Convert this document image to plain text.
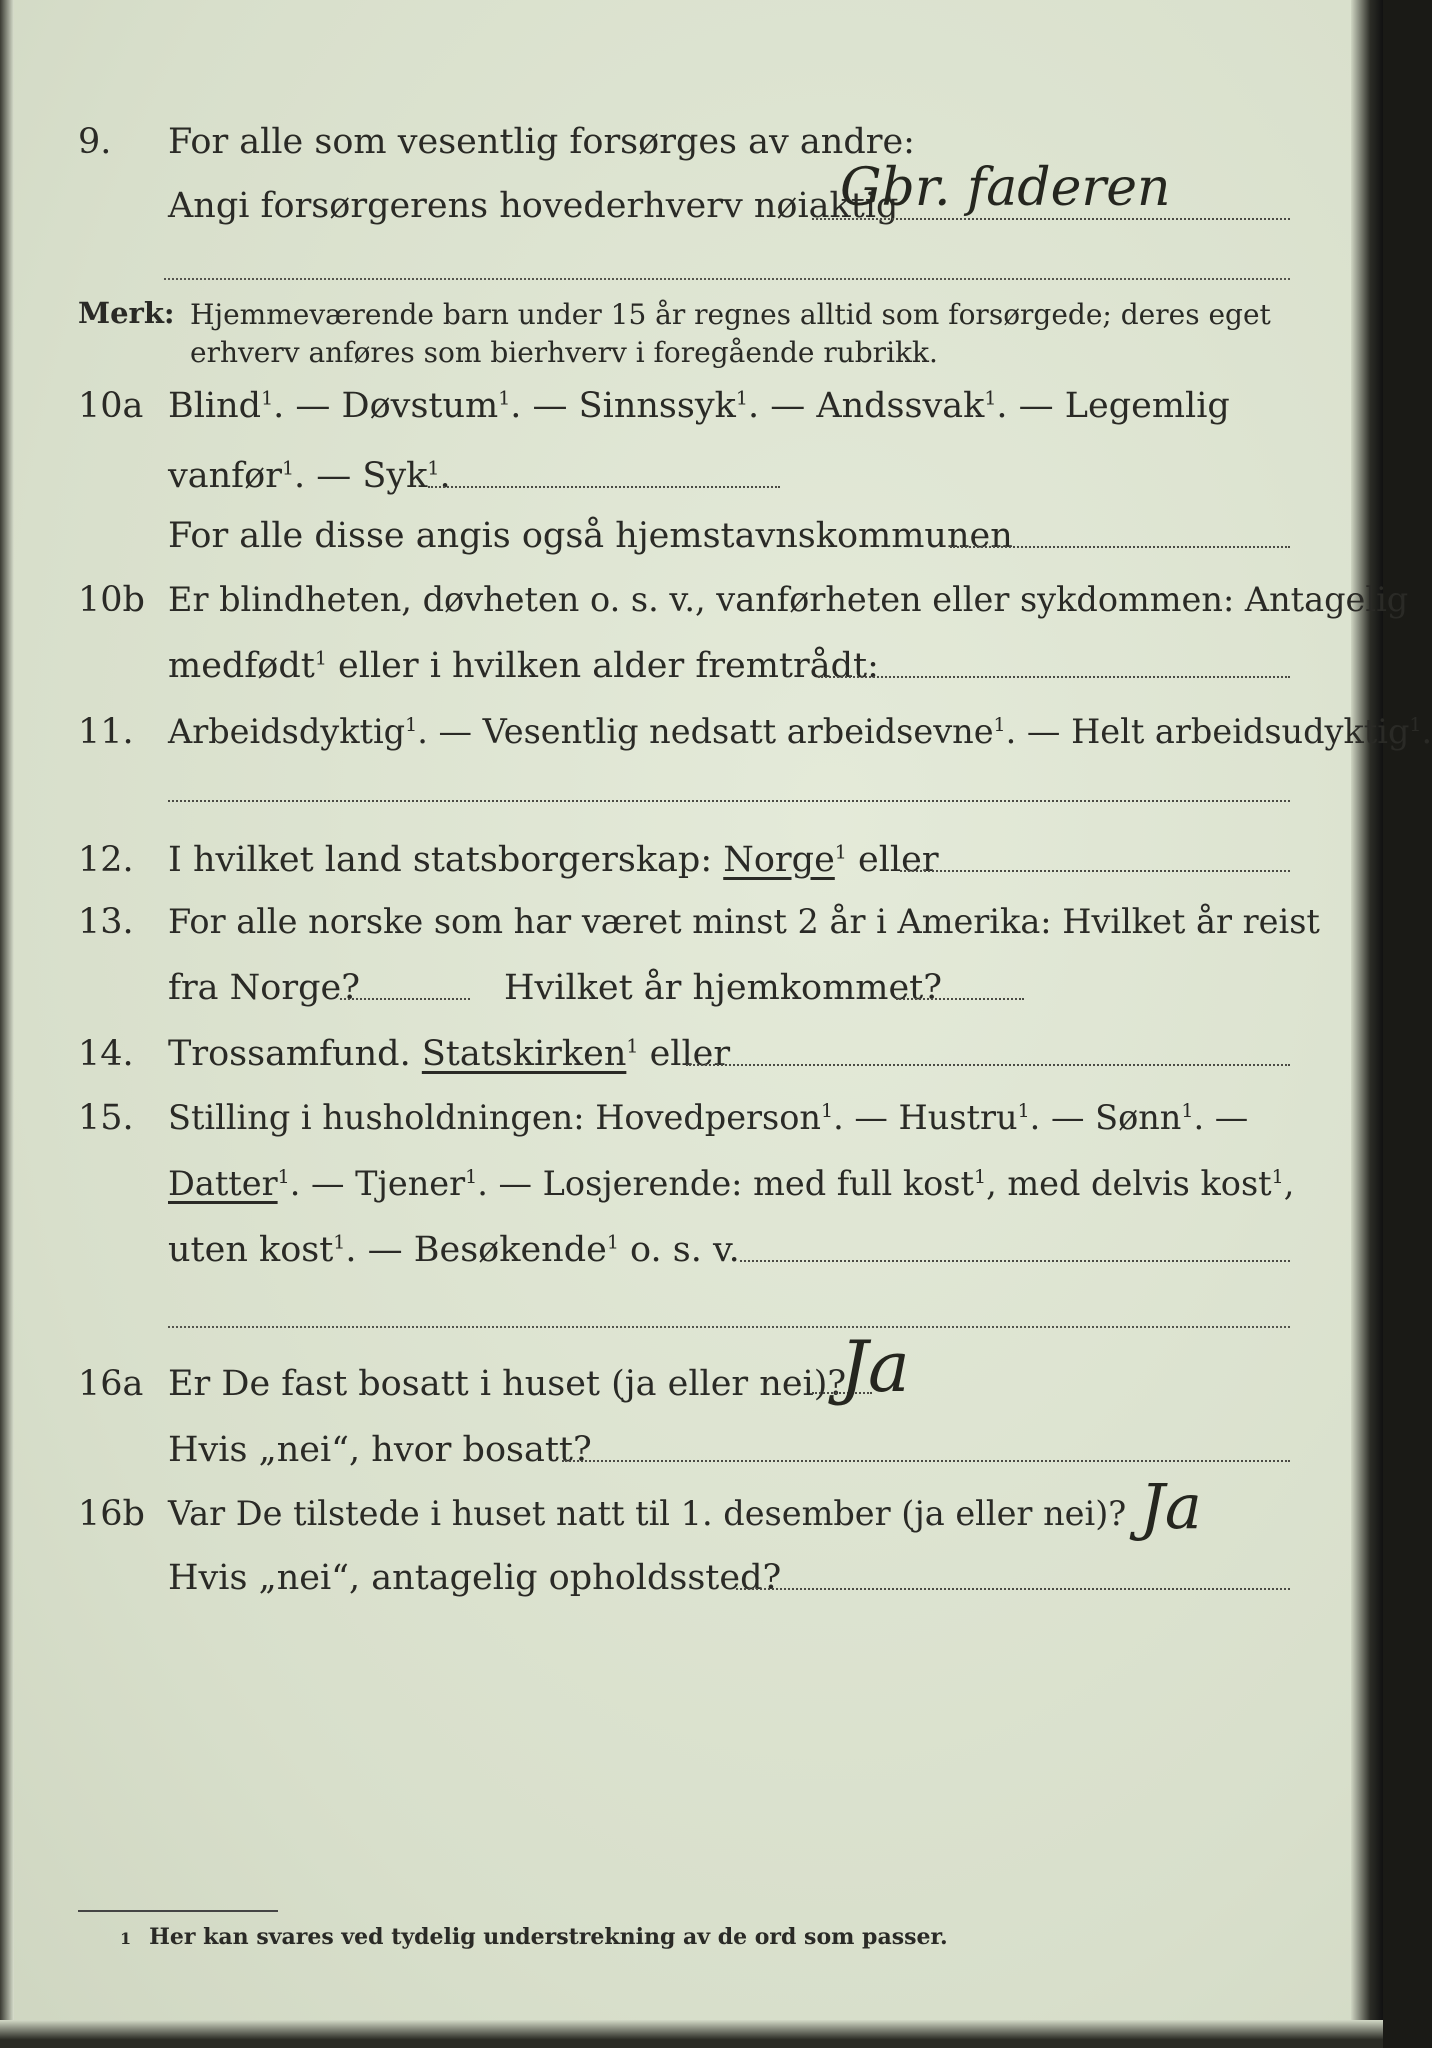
9. For alle som vesentlig forsørges av andre:
Angi forsørgerens hovederhverv nøiaktig
Gbr. faderen
Merk: Hjemmeværende barn under 15 år regnes alltid som forsørgede; deres eget erhverv anføres som bierhverv i foregående rubrikk.
10a Blind$^1$. — Døvstum$^1$. — Sinnssyk$^1$. — Andssvak$^1$. — Legemlig
vanfør$^1$. — Syk$^1$.
For alle disse angis også hjemstavnskommunen
10b Er blindheten, døvheten o. s. v., vanførheten eller sykdommen: Antagelig
medfødt$^1$ eller i hvilken alder fremtrådt:
11. Arbeidsdyktig$^1$. — Vesentlig nedsatt arbeidsevne$^1$. — Helt arbeidsudyktig$^1$.
12. I hvilket land statsborgerskap: Norge$^1$ eller
13. For alle norske som har været minst 2 år i Amerika: Hvilket år reist
fra Norge?	Hvilket år hjemkommet?
14. Trossamfund. Statskirken$^1$ eller
15. Stilling i husholdningen: Hovedperson$^1$. — Hustru$^1$. — Sønn$^1$. —
Datter$^1$. — Tjener$^1$. — Losjerende: med full kost$^1$, med delvis kost$^1$,
uten kost$^1$. — Besøkende$^1$ o. s. v.
16a Er De fast bosatt i huset (ja eller nei)?
Ja
Hvis „nei“, hvor bosatt?
16b Var De tilstede i huset natt til 1. desember (ja eller nei)? Ja
Hvis „nei“, antagelig opholdssted?
1 Her kan svares ved tydelig understrekning av de ord som passer.
